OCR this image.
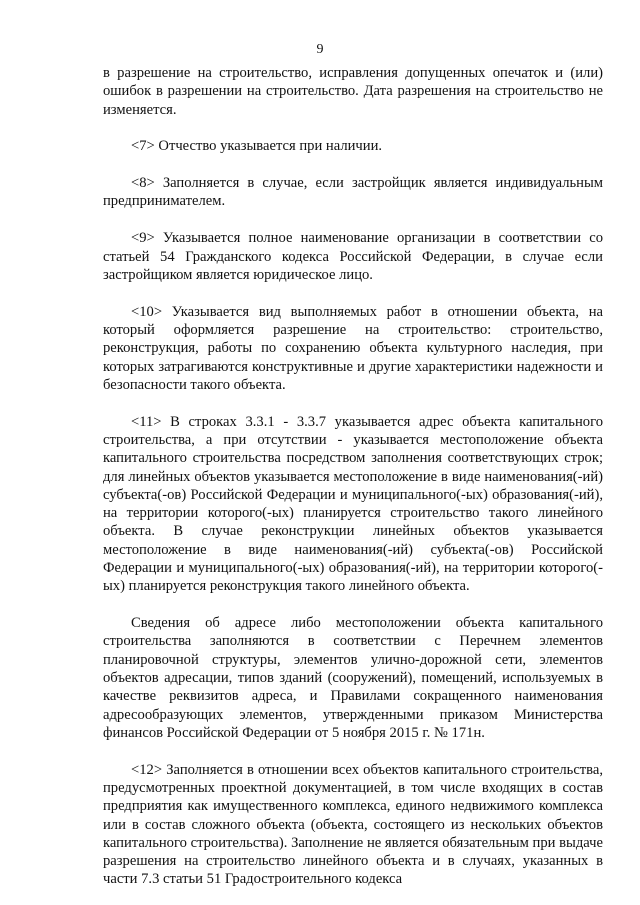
9

в разрешение на строительство, исправления допущенных опечаток и (или) ошибок в разрешении на строительство. Дата разрешения на строительство не изменяется.

<7> Отчество указывается при наличии.

<8> Заполняется в случае, если застройщик является индивидуальным предпринимателем.

<9> Указывается полное наименование организации в соответствии со статьей 54 Гражданского кодекса Российской Федерации, в случае если застройщиком является юридическое лицо.

<10> Указывается вид выполняемых работ в отношении объекта, на который оформляется разрешение на строительство: строительство, реконструкция, работы по сохранению объекта культурного наследия, при которых затрагиваются конструктивные и другие характеристики надежности и безопасности такого объекта.

<11> В строках 3.3.1 - 3.3.7 указывается адрес объекта капитального строительства, а при отсутствии - указывается местоположение объекта капитального строительства посредством заполнения соответствующих строк; для линейных объектов указывается местоположение в виде наименования(-ий) субъекта(-ов) Российской Федерации и муниципального(-ых) образования(-ий), на территории которого(-ых) планируется строительство такого линейного объекта. В случае реконструкции линейных объектов указывается местоположение в виде наименования(-ий) субъекта(-ов) Российской Федерации и муниципального(-ых) образования(-ий), на территории которого(-ых) планируется реконструкция такого линейного объекта.

Сведения об адресе либо местоположении объекта капитального строительства заполняются в соответствии с Перечнем элементов планировочной структуры, элементов улично-дорожной сети, элементов объектов адресации, типов зданий (сооружений), помещений, используемых в качестве реквизитов адреса, и Правилами сокращенного наименования адресообразующих элементов, утвержденными приказом Министерства финансов Российской Федерации от 5 ноября 2015 г. № 171н.

<12> Заполняется в отношении всех объектов капитального строительства, предусмотренных проектной документацией, в том числе входящих в состав предприятия как имущественного комплекса, единого недвижимого комплекса или в состав сложного объекта (объекта, состоящего из нескольких объектов капитального строительства). Заполнение не является обязательным при выдаче разрешения на строительство линейного объекта и в случаях, указанных в части 7.3 статьи 51 Градостроительного кодекса
